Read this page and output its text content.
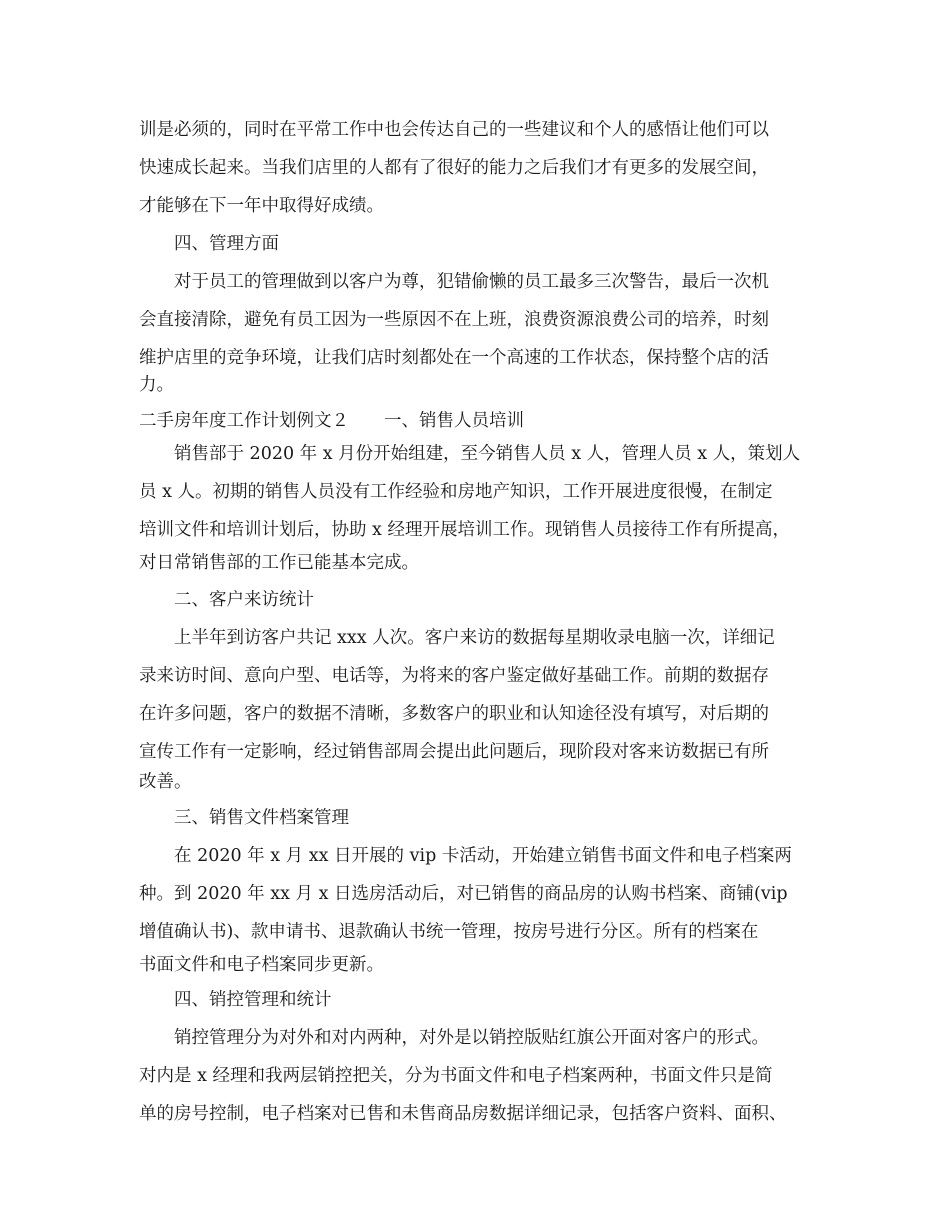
训是必须的，同时在平常工作中也会传达自己的一些建议和个人的感悟让他们可以

快速成长起来。当我们店里的人都有了很好的能力之后我们才有更多的发展空间，

才能够在下一年中取得好成绩。

四、管理方面

对于员工的管理做到以客户为尊，犯错偷懒的员工最多三次警告，最后一次机

会直接清除，避免有员工因为一些原因不在上班，浪费资源浪费公司的培养，时刻

维护店里的竞争环境，让我们店时刻都处在一个高速的工作状态，保持整个店的活

力。

二手房年度工作计划例文２　　一、销售人员培训

销售部于 2020 年 x 月份开始组建，至今销售人员 x 人，管理人员 x 人，策划人

员 x 人。初期的销售人员没有工作经验和房地产知识，工作开展进度很慢，在制定

培训文件和培训计划后，协助 x 经理开展培训工作。现销售人员接待工作有所提高，

对日常销售部的工作已能基本完成。

二、客户来访统计

上半年到访客户共记 xxx 人次。客户来访的数据每星期收录电脑一次，详细记

录来访时间、意向户型、电话等，为将来的客户鉴定做好基础工作。前期的数据存

在许多问题，客户的数据不清晰，多数客户的职业和认知途径没有填写，对后期的

宣传工作有一定影响，经过销售部周会提出此问题后，现阶段对客来访数据已有所

改善。

三、销售文件档案管理

在 2020 年 x 月 xx 日开展的 vip 卡活动，开始建立销售书面文件和电子档案两

种。到 2020 年 xx 月 x 日选房活动后，对已销售的商品房的认购书档案、商铺(vip

增值确认书)、款申请书、退款确认书统一管理，按房号进行分区。所有的档案在

书面文件和电子档案同步更新。

四、销控管理和统计

销控管理分为对外和对内两种，对外是以销控版贴红旗公开面对客户的形式。

对内是 x 经理和我两层销控把关，分为书面文件和电子档案两种，书面文件只是简

单的房号控制，电子档案对已售和未售商品房数据详细记录，包括客户资料、面积、
